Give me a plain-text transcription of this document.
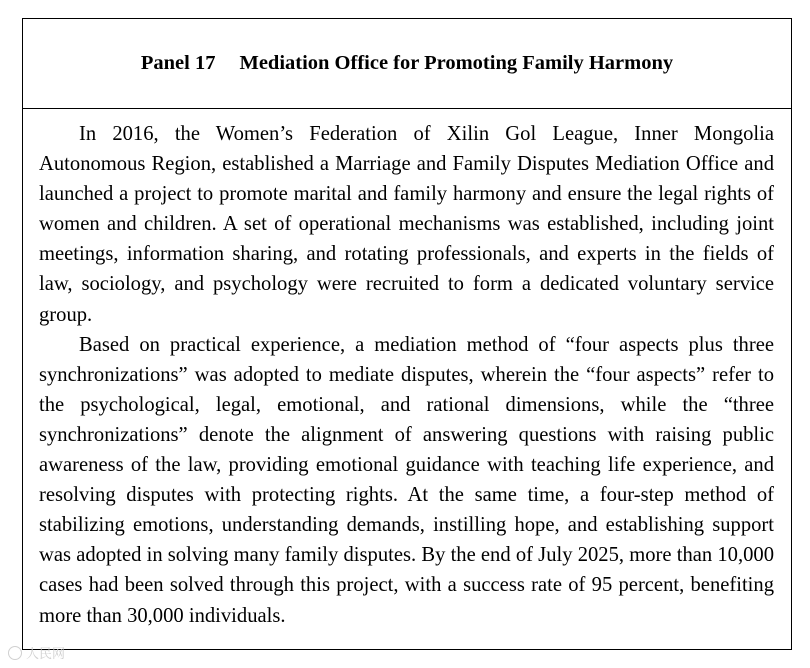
Panel 17 Mediation Office for Promoting Family Harmony

In 2016, the Women’s Federation of Xilin Gol League, Inner Mongolia Autonomous Region, established a Marriage and Family Disputes Mediation Office and launched a project to promote marital and family harmony and ensure the legal rights of women and children. A set of operational mechanisms was established, including joint meetings, information sharing, and rotating professionals, and experts in the fields of law, sociology, and psychology were recruited to form a dedicated voluntary service group.

Based on practical experience, a mediation method of “four aspects plus three synchronizations” was adopted to mediate disputes, wherein the “four aspects” refer to the psychological, legal, emotional, and rational dimensions, while the “three synchronizations” denote the alignment of answering questions with raising public awareness of the law, providing emotional guidance with teaching life experience, and resolving disputes with protecting rights. At the same time, a four-step method of stabilizing emotions, understanding demands, instilling hope, and establishing support was adopted in solving many family disputes. By the end of July 2025, more than 10,000 cases had been solved through this project, with a success rate of 95 percent, benefiting more than 30,000 individuals.

人民网
